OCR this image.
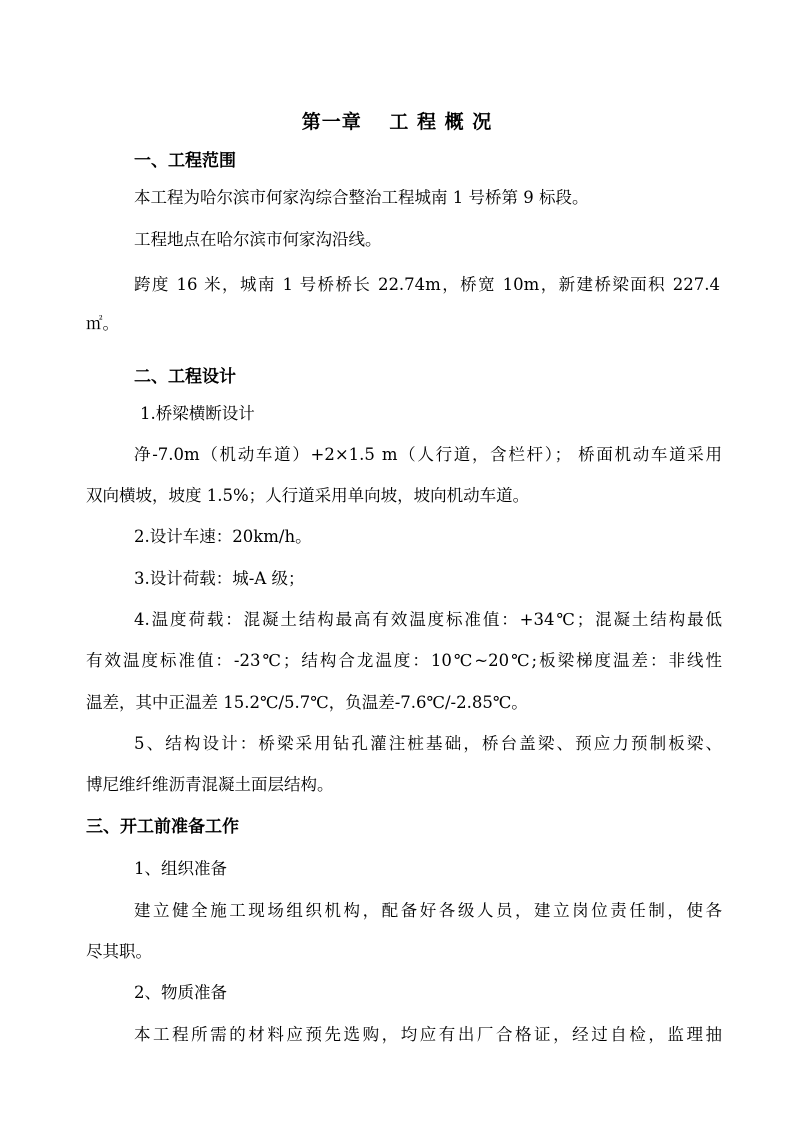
第一章　 工 程 概 况
一、工程范围
本工程为哈尔滨市何家沟综合整治工程城南 1 号桥第 9 标段。
工程地点在哈尔滨市何家沟沿线。
跨度 16 米，城南 1 号桥桥长 22.74m，桥宽 10m，新建桥梁面积 227.4
㎡。
二、工程设计
1.桥梁横断设计
净-7.0m（机动车道）+2×1.5 m（人行道，含栏杆）； 桥面机动车道采用
双向横坡，坡度 1.5%；人行道采用单向坡，坡向机动车道。
2.设计车速：20km/h。
3.设计荷载：城-A 级；
4.温度荷载：混凝土结构最高有效温度标准值：+34℃；混凝土结构最低
有效温度标准值：-23℃；结构合龙温度：10℃~20℃;板梁梯度温差：非线性
温差，其中正温差 15.2℃/5.7℃，负温差-7.6℃/-2.85℃。
5、结构设计：桥梁采用钻孔灌注桩基础，桥台盖梁、预应力预制板梁、
博尼维纤维沥青混凝土面层结构。
三、开工前准备工作
1、组织准备
建立健全施工现场组织机构，配备好各级人员，建立岗位责任制，使各
尽其职。
2、物质准备
本工程所需的材料应预先选购，均应有出厂合格证，经过自检，监理抽
